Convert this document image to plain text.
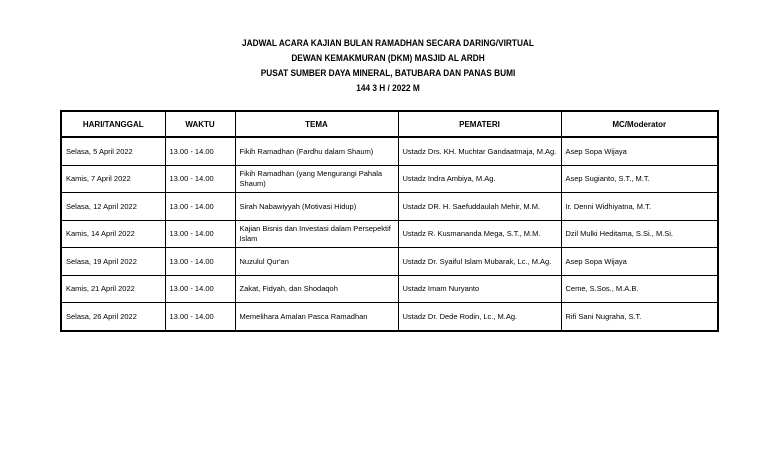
JADWAL ACARA KAJIAN BULAN RAMADHAN SECARA DARING/VIRTUAL
DEWAN KEMAKMURAN (DKM) MASJID AL ARDH
PUSAT SUMBER DAYA MINERAL, BATUBARA DAN PANAS BUMI
144 3 H / 2022 M
HARI/TANGGAL	WAKTU	TEMA	PEMATERI	MC/Moderator
Selasa, 5 April 2022	13.00 - 14.00	Fikih Ramadhan (Fardhu dalam Shaum)	Ustadz Drs. KH. Muchtar Gandaatmaja, M.Ag.	Asep Sopa Wijaya
Kamis, 7 April 2022	13.00 - 14.00	Fikih Ramadhan (yang Mengurangi Pahala Shaum)	Ustadz Indra Ambiya, M.Ag.	Asep Sugianto, S.T., M.T.
Selasa, 12 April 2022	13.00 - 14.00	Sirah Nabawiyyah (Motivasi Hidup)	Ustadz DR. H. Saefuddaulah Mehir, M.M.	Ir. Denni Widhiyatna, M.T.
Kamis, 14 April 2022	13.00 - 14.00	Kajian Bisnis dan Investasi dalam Persepektif Islam	Ustadz R. Kusmananda Mega, S.T., M.M.	Dzil Mulki Heditama, S.Si., M.Si.
Selasa, 19 April 2022	13.00 - 14.00	Nuzulul Qur'an	Ustadz Dr. Syaiful Islam Mubarak, Lc., M.Ag.	Asep Sopa Wijaya
Kamis, 21 April 2022	13.00 - 14.00	Zakat, Fidyah, dan Shodaqoh	Ustadz Imam Nuryanto	Ceme, S.Sos., M.A.B.
Selasa, 26 April 2022	13.00 - 14.00	Memelihara Amalan Pasca Ramadhan	Ustadz Dr. Dede Rodin, Lc., M.Ag.	Rifi Sani Nugraha, S.T.
